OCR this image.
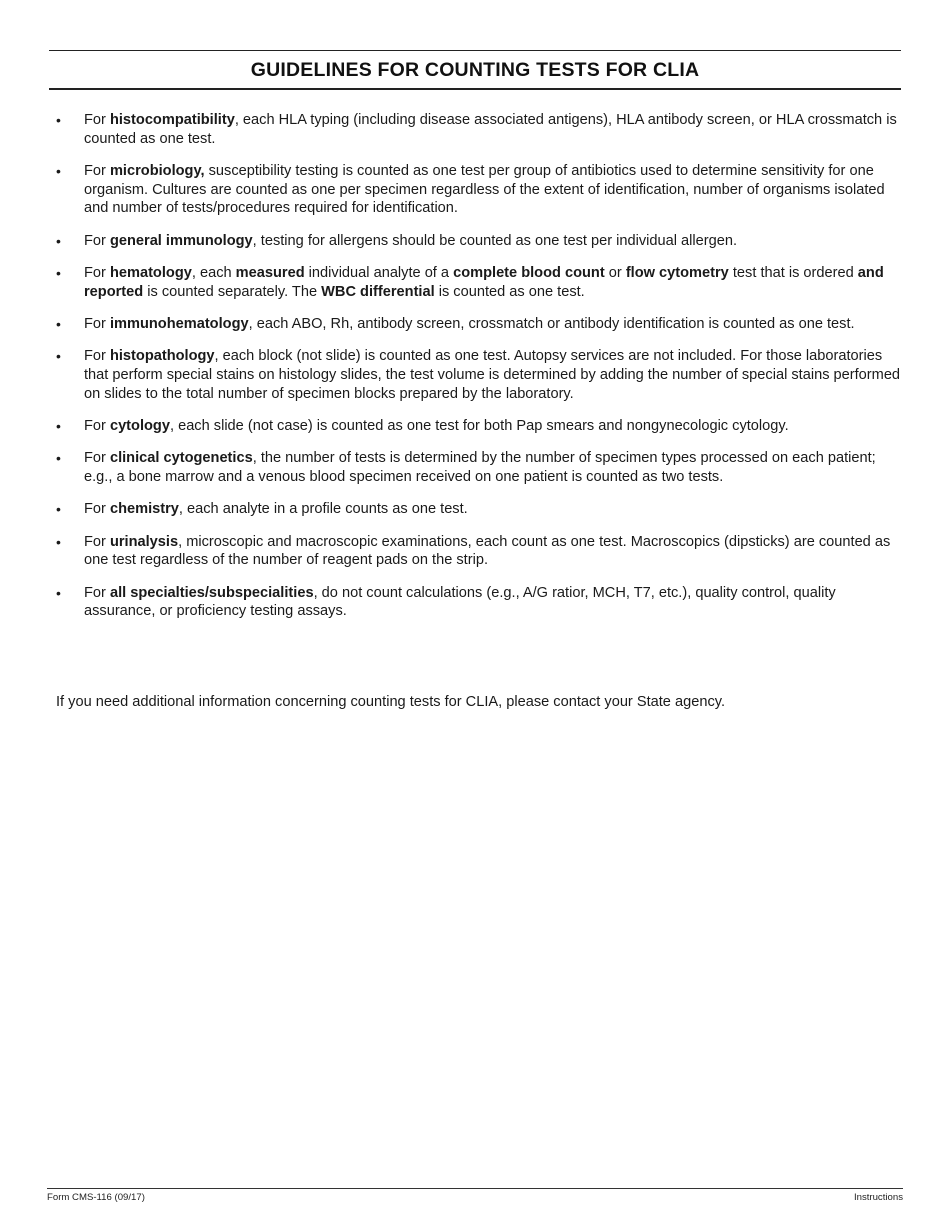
GUIDELINES FOR COUNTING TESTS FOR CLIA
• For histocompatibility, each HLA typing (including disease associated antigens), HLA antibody screen, or HLA crossmatch is counted as one test.
• For microbiology, susceptibility testing is counted as one test per group of antibiotics used to determine sensitivity for one organism. Cultures are counted as one per specimen regardless of the extent of identification, number of organisms isolated and number of tests/procedures required for identification.
• For general immunology, testing for allergens should be counted as one test per individual allergen.
• For hematology, each measured individual analyte of a complete blood count or flow cytometry test that is ordered and reported is counted separately. The WBC differential is counted as one test.
• For immunohematology, each ABO, Rh, antibody screen, crossmatch or antibody identification is counted as one test.
• For histopathology, each block (not slide) is counted as one test. Autopsy services are not included. For those laboratories that perform special stains on histology slides, the test volume is determined by adding the number of special stains performed on slides to the total number of specimen blocks prepared by the laboratory.
• For cytology, each slide (not case) is counted as one test for both Pap smears and nongynecologic cytology.
• For clinical cytogenetics, the number of tests is determined by the number of specimen types processed on each patient; e.g., a bone marrow and a venous blood specimen received on one patient is counted as two tests.
• For chemistry, each analyte in a profile counts as one test.
• For urinalysis, microscopic and macroscopic examinations, each count as one test. Macroscopics (dipsticks) are counted as one test regardless of the number of reagent pads on the strip.
• For all specialties/subspecialities, do not count calculations (e.g., A/G ratior, MCH, T7, etc.), quality control, quality assurance, or proficiency testing assays.
If you need additional information concerning counting tests for CLIA, please contact your State agency.
Form CMS-116 (09/17)	Instructions
